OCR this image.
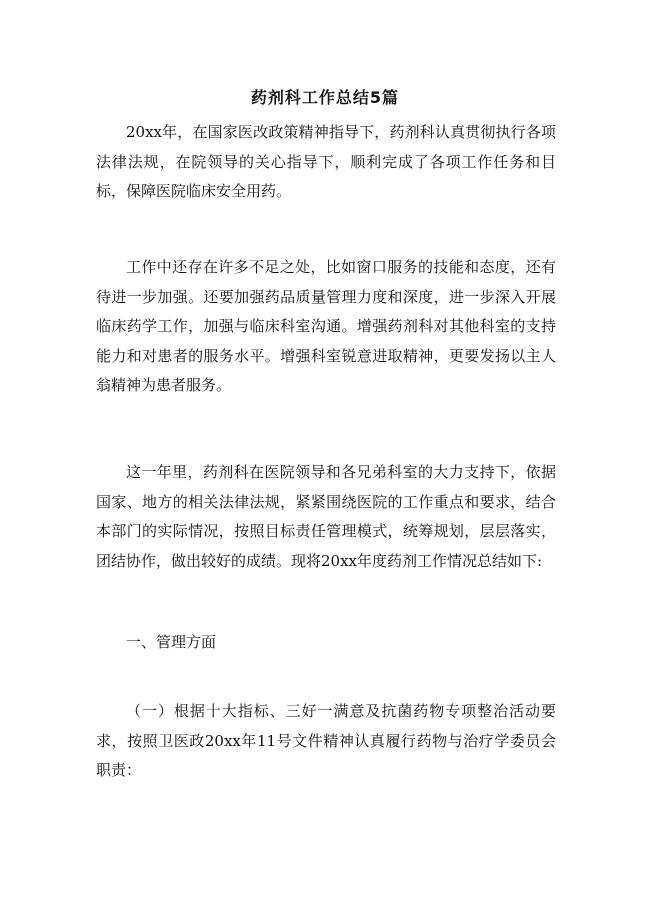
药剂科工作总结5篇

20xx年，在国家医改政策精神指导下，药剂科认真贯彻执行各项法律法规，在院领导的关心指导下，顺利完成了各项工作任务和目标，保障医院临床安全用药。

工作中还存在许多不足之处，比如窗口服务的技能和态度，还有待进一步加强。还要加强药品质量管理力度和深度，进一步深入开展临床药学工作，加强与临床科室沟通。增强药剂科对其他科室的支持能力和对患者的服务水平。增强科室锐意进取精神，更要发扬以主人翁精神为患者服务。

这一年里，药剂科在医院领导和各兄弟科室的大力支持下，依据国家、地方的相关法律法规，紧紧围绕医院的工作重点和要求，结合本部门的实际情况，按照目标责任管理模式，统筹规划，层层落实，团结协作，做出较好的成绩。现将20xx年度药剂工作情况总结如下:

一、管理方面

（一）根据十大指标、三好一满意及抗菌药物专项整治活动要求，按照卫医政20xx年11号文件精神认真履行药物与治疗学委员会职责：
